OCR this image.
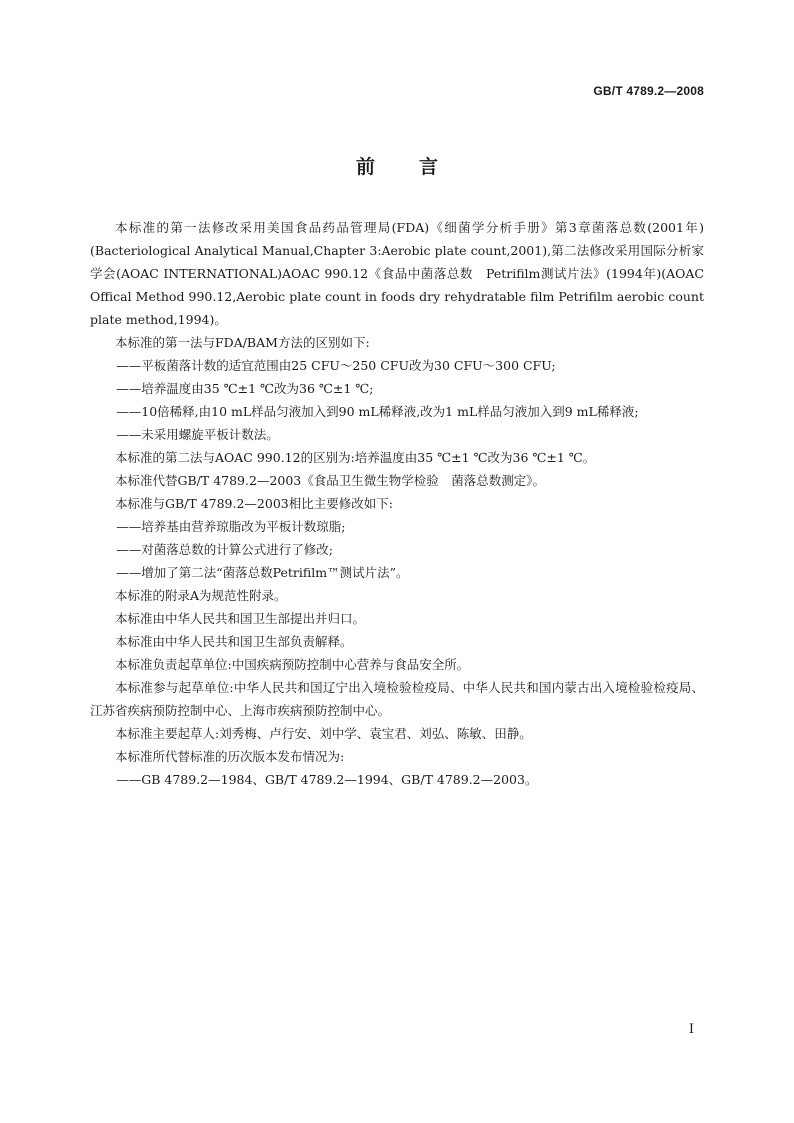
GB/T 4789.2—2008
前言

本标准的第一法修改采用美国食品药品管理局(FDA)《细菌学分析手册》第3章菌落总数(2001年)(Bacteriological Analytical Manual,Chapter 3:Aerobic plate count,2001),第二法修改采用国际分析家学会(AOAC INTERNATIONAL)AOAC 990.12《食品中菌落总数　Petrifilm测试片法》(1994年)(AOAC Offical Method 990.12,Aerobic plate count in foods dry rehydratable film Petrifilm aerobic count plate method,1994)。

本标准的第一法与FDA/BAM方法的区别如下:

——平板菌落计数的适宜范围由25 CFU～250 CFU改为30 CFU～300 CFU;

——培养温度由35 ℃±1 ℃改为36 ℃±1 ℃;

——10倍稀释,由10 mL样品匀液加入到90 mL稀释液,改为1 mL样品匀液加入到9 mL稀释液;

——未采用螺旋平板计数法。

本标准的第二法与AOAC 990.12的区别为:培养温度由35 ℃±1 ℃改为36 ℃±1 ℃。

本标准代替GB/T 4789.2—2003《食品卫生微生物学检验　菌落总数测定》。

本标准与GB/T 4789.2—2003相比主要修改如下:

——培养基由营养琼脂改为平板计数琼脂;

——对菌落总数的计算公式进行了修改;

——增加了第二法“菌落总数Petrifilm™测试片法”。

本标准的附录A为规范性附录。

本标准由中华人民共和国卫生部提出并归口。

本标准由中华人民共和国卫生部负责解释。

本标准负责起草单位:中国疾病预防控制中心营养与食品安全所。

本标准参与起草单位:中华人民共和国辽宁出入境检验检疫局、中华人民共和国内蒙古出入境检验检疫局、江苏省疾病预防控制中心、上海市疾病预防控制中心。

本标准主要起草人:刘秀梅、卢行安、刘中学、袁宝君、刘弘、陈敏、田静。

本标准所代替标准的历次版本发布情况为:

——GB 4789.2—1984、GB/T 4789.2—1994、GB/T 4789.2—2003。

I
